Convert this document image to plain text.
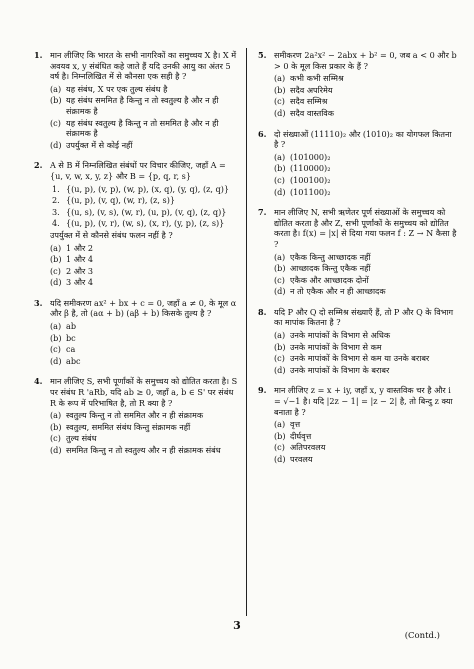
1. मान लीजिए कि भारत के सभी नागरिकों का समुच्चय X है। X में अवयव x, y संबंधित कहे जाते हैं यदि उनकी आयु का अंतर 5 वर्ष है। निम्नलिखित में से कौनसा एक सही है ?
(a) यह संबंध, X पर एक तुल्य संबंध है
(b) यह संबंध सममित है किन्तु न तो स्वतुल्य है और न ही संक्रामक है
(c) यह संबंध स्वतुल्य है किन्तु न तो सममित है और न ही संक्रामक है
(d) उपर्युक्त में से कोई नहीं
2. A से B में निम्नलिखित संबंधों पर विचार कीजिए, जहाँ A = {u, v, w, x, y, z} और B = {p, q, r, s}
1. {(u, p), (v, p), (w, p), (x, q), (y, q), (z, q)}
2. {(u, p), (v, q), (w, r), (z, s)}
3. {(u, s), (v, s), (w, r), (u, p), (v, q), (z, q)}
4. {(u, p), (v, r), (w, s), (x, r), (y, p), (z, s)}
उपर्युक्त में से कौनसे संबंध फलन नहीं है ?
(a) 1 और 2
(b) 1 और 4
(c) 2 और 3
(d) 3 और 4
3. यदि समीकरण ax² + bx + c = 0, जहाँ a ≠ 0, के मूल α और β है, तो (aα + b) (aβ + b) किसके तुल्य है ?
(a) ab
(b) bc
(c) ca
(d) abc
4. मान लीजिए S, सभी पूर्णांकों के समुच्चय को द्योतित करता है। S पर संबंध R 'aRb, यदि ab ≥ 0, जहाँ a, b ∈ S' पर संबंध R के रूप में परिभाषित है, तो R क्या है ?
(a) स्वतुल्य किन्तु न तो सममित और न ही संक्रामक
(b) स्वतुल्य, सममित संबंध किन्तु संक्रामक नहीं
(c) तुल्य संबंध
(d) सममित किन्तु न तो स्वतुल्य और न ही संक्रामक संबंध
5. समीकरण 2a²x² − 2abx + b² = 0, जब a < 0 और b > 0 के मूल किस प्रकार के हैं ?
(a) कभी कभी सम्मिश्र
(b) सदैव अपरिमेय
(c) सदैव सम्मिश्र
(d) सदैव वास्तविक
6. दो संख्याओं (11110)₂ और (1010)₂ का योगफल कितना है ?
(a) (101000)₂
(b) (110000)₂
(c) (100100)₂
(d) (101100)₂
7. मान लीजिए N, सभी ऋणेतर पूर्ण संख्याओं के समुच्चय को द्योतित करता है और Z, सभी पूर्णांकों के समुच्चय को द्योतित करता है। f(x) = |x| से दिया गया फलन f : Z → N कैसा है ?
(a) एकैक किन्तु आच्छादक नहीं
(b) आच्छादक किन्तु एकैक नहीं
(c) एकैक और आच्छादक दोनों
(d) न तो एकैक और न ही आच्छादक
8. यदि P और Q दो सम्मिश्र संख्याएँ हैं, तो P और Q के विभाग का मापांक कितना है ?
(a) उनके मापांकों के विभाग से अधिक
(b) उनके मापांकों के विभाग से कम
(c) उनके मापांकों के विभाग से कम या उनके बराबर
(d) उनके मापांकों के विभाग के बराबर
9. मान लीजिए z = x + iy, जहाँ x, y वास्तविक चर है और i = √−1 है। यदि |2z − 1| = |z − 2| है, तो बिन्दु z क्या बनाता है ?
(a) वृत्त
(b) दीर्घवृत्त
(c) अतिपरवलय
(d) परवलय
3
(Contd.)
